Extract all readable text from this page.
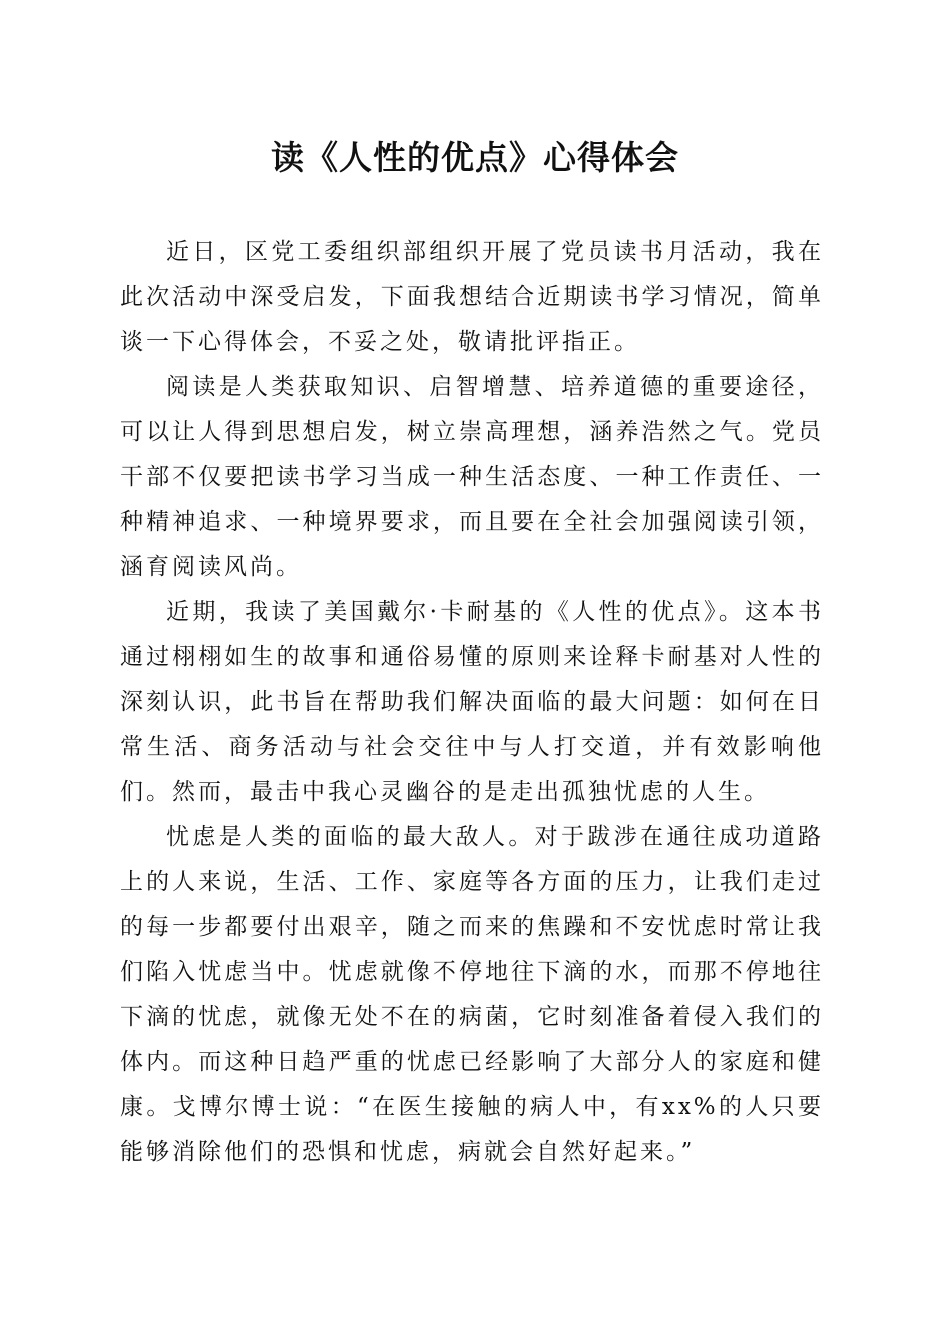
读《人性的优点》心得体会

近日，区党工委组织部组织开展了党员读书月活动，我在此次活动中深受启发，下面我想结合近期读书学习情况，简单谈一下心得体会，不妥之处，敬请批评指正。

阅读是人类获取知识、启智增慧、培养道德的重要途径，可以让人得到思想启发，树立崇高理想，涵养浩然之气。党员干部不仅要把读书学习当成一种生活态度、一种工作责任、一种精神追求、一种境界要求，而且要在全社会加强阅读引领，涵育阅读风尚。

近期，我读了美国戴尔·卡耐基的《人性的优点》。这本书通过栩栩如生的故事和通俗易懂的原则来诠释卡耐基对人性的深刻认识，此书旨在帮助我们解决面临的最大问题：如何在日常生活、商务活动与社会交往中与人打交道，并有效影响他们。然而，最击中我心灵幽谷的是走出孤独忧虑的人生。

忧虑是人类的面临的最大敌人。对于跋涉在通往成功道路上的人来说，生活、工作、家庭等各方面的压力，让我们走过的每一步都要付出艰辛，随之而来的焦躁和不安忧虑时常让我们陷入忧虑当中。忧虑就像不停地往下滴的水，而那不停地往下滴的忧虑，就像无处不在的病菌，它时刻准备着侵入我们的体内。而这种日趋严重的忧虑已经影响了大部分人的家庭和健康。戈博尔博士说：“在医生接触的病人中，有xx%的人只要能够消除他们的恐惧和忧虑，病就会自然好起来。”
